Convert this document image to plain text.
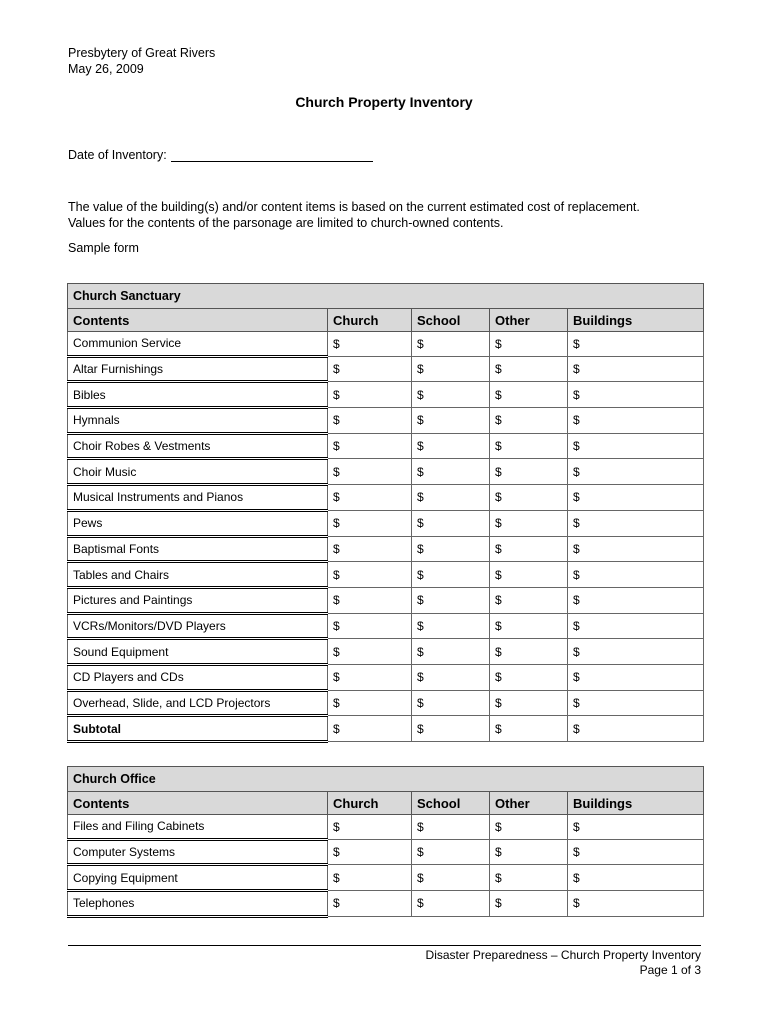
Presbytery of Great Rivers
May 26, 2009
Church Property Inventory
Date of Inventory:
The value of the building(s) and/or content items is based on the current estimated cost of replacement.
Values for the contents of the parsonage are limited to church-owned contents.
Sample form
Church Sanctuary				
Contents	Church	School	Other	Buildings
Communion Service	$	$	$	$
Altar Furnishings	$	$	$	$
Bibles	$	$	$	$
Hymnals	$	$	$	$
Choir Robes & Vestments	$	$	$	$
Choir Music	$	$	$	$
Musical Instruments and Pianos	$	$	$	$
Pews	$	$	$	$
Baptismal Fonts	$	$	$	$
Tables and Chairs	$	$	$	$
Pictures and Paintings	$	$	$	$
VCRs/Monitors/DVD Players	$	$	$	$
Sound Equipment	$	$	$	$
CD Players and CDs	$	$	$	$
Overhead, Slide, and LCD Projectors	$	$	$	$
Subtotal	$	$	$	$
Church Office				
Contents	Church	School	Other	Buildings
Files and Filing Cabinets	$	$	$	$
Computer Systems	$	$	$	$
Copying Equipment	$	$	$	$
Telephones	$	$	$	$
Disaster Preparedness – Church Property Inventory
Page 1 of 3
